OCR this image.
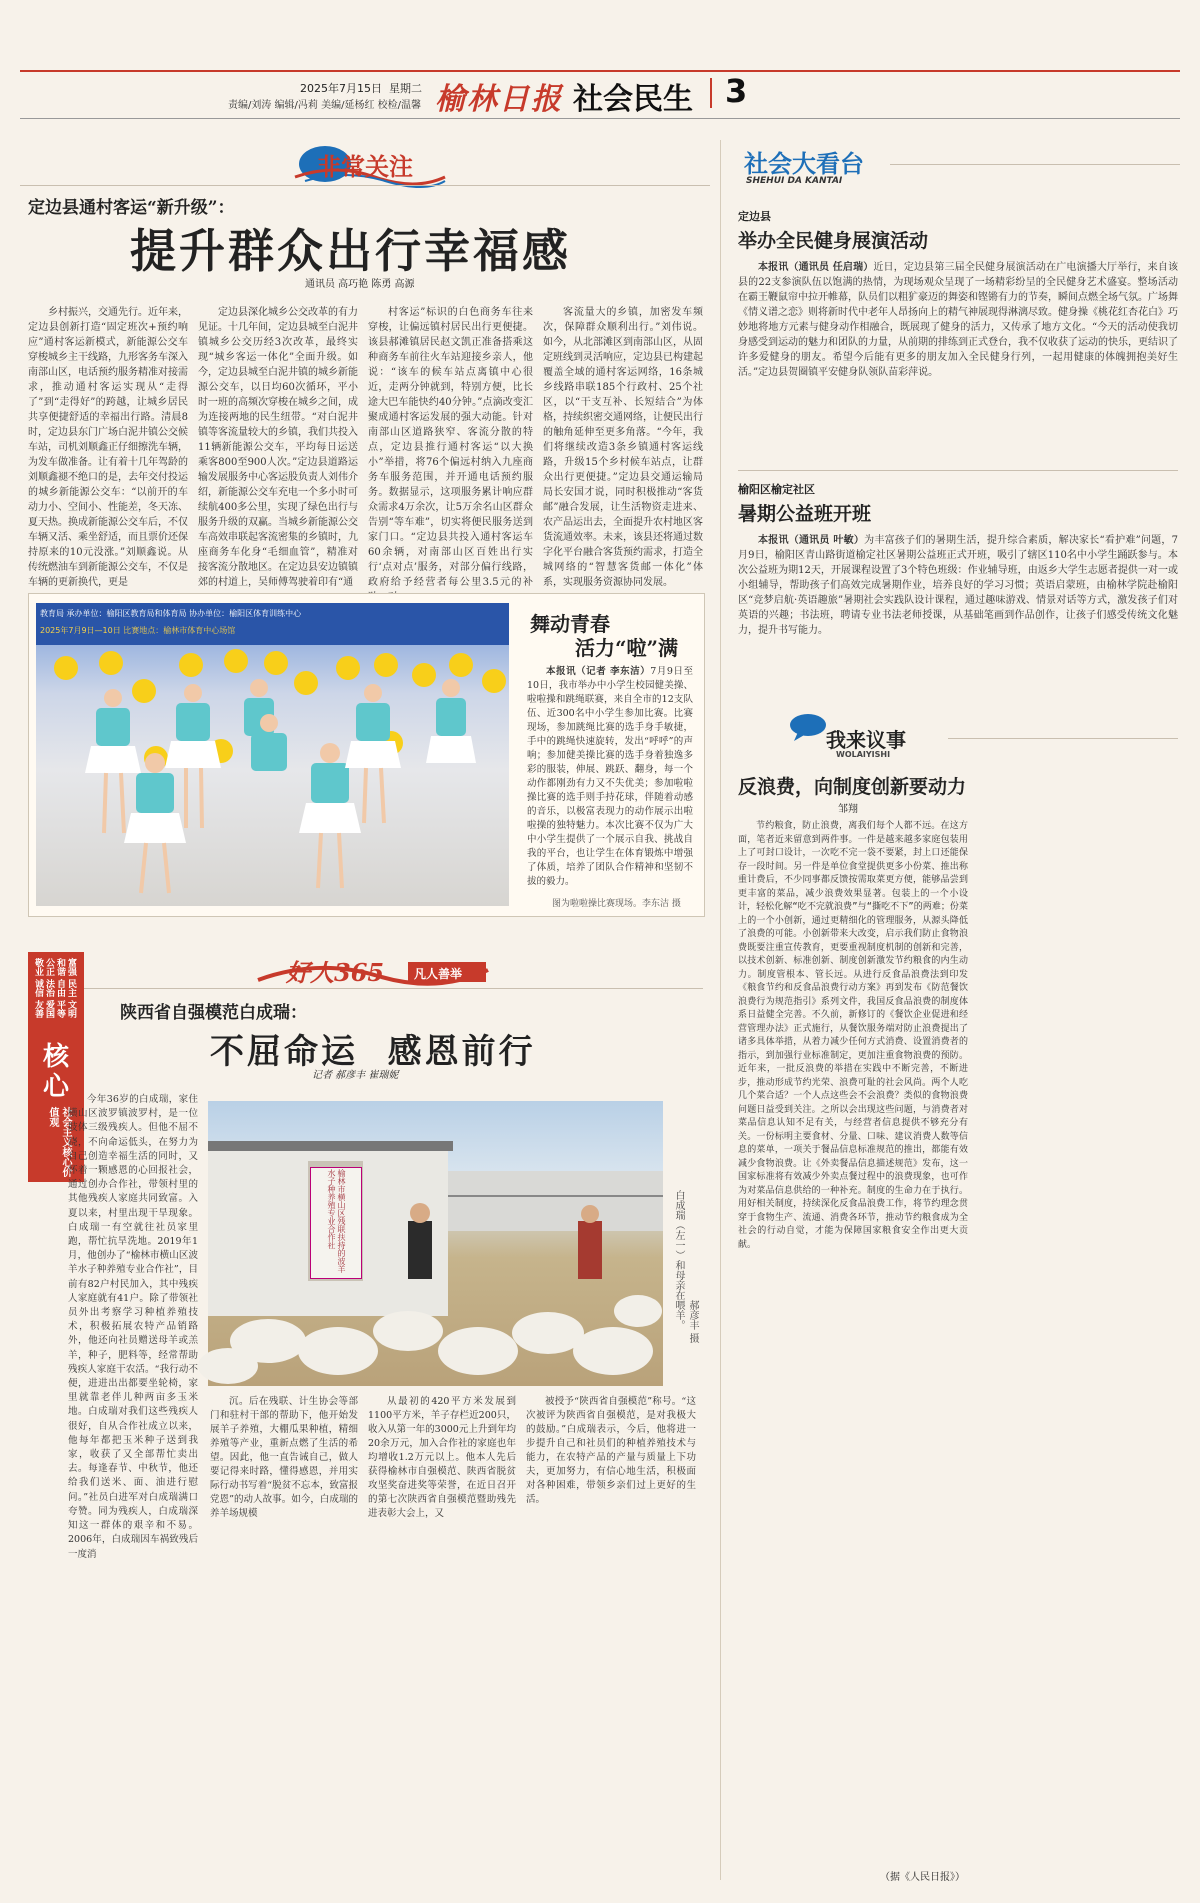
2025年7月15日 星期二
责编/刘涛 编辑/冯莉 美编/延杨红 校检/温馨 榆林日报 社会民生 3
非常关注
定边县通村客运“新升级”：
提升群众出行幸福感
通讯员 高巧艳 陈勇 高源

乡村振兴，交通先行。近年来，定边县创新打造“固定班次+预约响应”通村客运新模式，新能源公交车穿梭城乡主干线路，九形客务车深入南部山区，电话预约服务精准对接需求，推动通村客运实现从“走得了”到“走得好”的跨越，让城乡居民共享便捷舒适的幸福出行路。清晨8时，定边县东门广场白泥井镇公交候车站，司机刘顺鑫正仔细擦洗车辆，为发车做准备。让有着十几年驾龄的刘顺鑫褪不绝口的是，去年交付投运的城乡新能源公交车：“以前开的车动力小、空间小、性能差，冬天冻、夏天热。换成新能源公交车后，不仅车辆又活、乘坐舒适，而且票价还保持原来的10元没涨。”刘顺鑫说。从传统燃油车到新能源公交车，不仅是车辆的更新换代，更是

定边县深化城乡公交改革的有力见证。十几年间，定边县城至白泥井镇城乡公交历经3次改革，最终实现“城乡客运一体化”全面升级。如今，定边县城至白泥井镇的城乡新能源公交车，以日均60次循环，平小时一班的高频次穿梭在城乡之间，成为连接两地的民生纽带。“对白泥井镇等客流量较大的乡镇，我们共投入11辆新能源公交车，平均每日运送乘客800至900人次。”定边县道路运输发展服务中心客运股负责人刘伟介绍，新能源公交车充电一个多小时可续航400多公里，实现了绿色出行与服务升级的双赢。当城乡新能源公交车高效串联起客流密集的乡镇时，九座商务车化身“毛细血管”，精准对接客流分散地区。在定边县安边镇镇郊的村道上，吴师傅驾驶着印有“通

村客运”标识的白色商务车往来穿梭，让偏远镇村居民出行更便捷。该县郝滩镇居民赵文凯正准备搭乘这种商务车前往火车站迎接乡亲人，他说：“该车的候车站点离镇中心很近，走两分钟就到，特别方便，比长途大巴车能快约40分钟。”点滴改变汇聚成通村客运发展的强大动能。针对南部山区道路狭窄、客流分散的特点，定边县推行通村客运“以大换小”举措，将76个偏远村纳入九座商务车服务范围，并开通电话预约服务。数据显示，这项服务累计响应群众需求4万余次，让5万余名山区群众告别“等车难”，切实将便民服务送到家门口。“定边县共投入通村客运车60余辆，对南部山区百姓出行实行‘点对点’服务，对部分偏行线路，政府给予经营者每公里3.5元的补

客流量大的乡镇，加密发车频次，保障群众顺利出行。”刘伟说。如今，从北部滩区到南部山区，从固定班线到灵活响应，定边县已构建起覆盖全域的通村客运网络，16条城乡线路串联185个行政村、25个社区，以“干支互补、长短结合”为体格，持续织密交通网络，让便民出行的触角延伸至更多角落。“今年，我们将继续改造3条乡镇通村客运线路，升级15个乡村候车站点，让群众出行更便捷。”定边县交通运输局局长安国才说，同时积极推动“客货邮”融合发展，让生活物资走进来、农产品运出去，全面提升农村地区客货流通效率。未来，该县还将通过数字化平台融合客货预约需求，打造全城网络的“智慧客货邮一体化”体系，实现服务资源协同发展。

教育局 承办单位：榆阳区教育局和体育局 协办单位：榆阳区体育训练中心
2025年7月9日—10日 比赛地点：榆林市体育中心场馆	舞动青春
活力“啦”满

本报讯（记者 李东洁）7月9日至10日，我市举办中小学生校园健美操、啦啦操和跳绳联赛，来自全市的12支队伍、近300名中小学生参加比赛。比赛现场，参加跳绳比赛的选手身手敏捷，手中的跳绳快速旋转，发出“呼呼”的声响；参加健美操比赛的选手身着独逸多彩的服装，伸展、跳跃、翻身，每一个动作都刚劲有力又不失优美；参加啦啦操比赛的选手则手持花球，伴随着动感的音乐，以极富表现力的动作展示出啦啦操的独特魅力。本次比赛不仅为广大中小学生提供了一个展示自我、挑战自我的平台，也让学生在体育锻炼中增强了体质，培养了团队合作精神和坚韧不拔的毅力。

图为啦啦操比赛现场。李东洁 摄
好人365 凡人善举
富强 民主 文明 和谐 自由 平等 公正 法治 爱国 敬业 诚信 友善
核心
社会主义核心价值观
陕西省自强模范白成瑞：
不屈命运  感恩前行
记者 郝彦丰 崔瑞妮

今年36岁的白成瑞，家住横山区波罗镇波罗村，是一位肢体三级残疾人。但他不屈不挠，不向命运低头，在努力为自己创造幸福生活的同时，又怀着一颗感恩的心回报社会，通过创办合作社，带领村里的其他残疾人家庭共同致富。入夏以来，村里出现干旱现象。白成瑞一有空就往社员家里跑，帮忙抗旱洗地。2019年1月，他创办了“榆林市横山区波羊水子种养殖专业合作社”，目前有82户村民加入，其中残疾人家庭就有41户。除了带领社员外出考察学习种植养殖技术，积极拓展农特产品销路外，他还向社员赠送母羊或羔羊，种子，肥料等，经常帮助残疾人家庭干农活。“我行动不便，进进出出都要坐轮椅，家里就靠老伴儿种两亩多玉米地。白成瑞对我们这些残疾人很好，自从合作社成立以来，他每年都把玉米种子送到我家，收获了又全部帮忙卖出去。每逢春节、中秋节，他还给我们送米、面、油进行慰问。”社员白进军对白成瑞满口夸赞。同为残疾人，白成瑞深知这一群体的艰辛和不易。2006年，白成瑞因车祸致残后一度消

榆林市横山区残联扶持的波羊水子种养殖专业合作社	白成瑞（左一）和母亲在喂羊。 郝彦丰 摄

沉。后在残联、计生协会等部门和驻村干部的帮助下，他开始发展羊子养殖，大棚瓜果种植，精细养殖等产业，重新点燃了生活的希望。因此，他一直告诫自己，做人要记得来时路，懂得感恩，并用实际行动书写着“脱贫不忘本，致富报党恩”的动人故事。如今，白成瑞的养羊场规模

从最初的420平方米发展到1100平方米，羊子存栏近200只，收入从第一年的3000元上升到年均20余万元，加入合作社的家庭也年均增收1.2万元以上。他本人先后获得榆林市自强模范、陕西省脱贫攻坚奖奋进奖等荣誉，在近日召开的第七次陕西省自强模范暨助残先进表彰大会上，又

被授予“陕西省自强模范”称号。“这次被评为陕西省自强模范，是对我极大的鼓励。”白成瑞表示，今后，他将进一步提升自己和社员们的种植养殖技术与能力，在农特产品的产量与质量上下功夫，更加努力，有信心地生活，积极面对各种困难，带领乡亲们过上更好的生活。

社会大看台
SHEHUI DA KANTAI
定边县
举办全民健身展演活动

本报讯（通讯员 任启瑞）近日，定边县第三届全民健身展演活动在广电演播大厅举行，来自该县的22支参演队伍以饱满的热情，为现场观众呈现了一场精彩纷呈的全民健身艺术盛宴。整场活动在霸王鞭鼠帘中拉开帷幕，队员们以粗犷豪迈的舞姿和铿锵有力的节奏，瞬间点燃全场气氛。广场舞《情义谱之恋》则将新时代中老年人昂扬向上的精气神展现得淋漓尽致。健身操《桃花红杏花白》巧妙地将地方元素与健身动作相融合，既展现了健身的活力，又传承了地方文化。“今天的活动使我切身感受到运动的魅力和团队的力量，从前期的排练到正式登台，我不仅收获了运动的快乐，更结识了许多爱健身的朋友。希望今后能有更多的朋友加入全民健身行列，一起用健康的体魄拥抱美好生活。”定边县贺圈镇平安健身队领队苗彩萍说。

榆阳区榆定社区
暑期公益班开班

本报讯（通讯员 叶敏）为丰富孩子们的暑期生活，提升综合素质，解决家长“看护难”问题，7月9日，榆阳区青山路街道榆定社区暑期公益班正式开班，吸引了辖区110名中小学生踊跃参与。本次公益班为期12天，开展课程设置了3个特色班级：作业辅导班，由返乡大学生志愿者提供一对一或小组辅导，帮助孩子们高效完成暑期作业，培养良好的学习习惯；英语启蒙班，由榆林学院赴榆阳区“竞梦启航·英语趣旅”暑期社会实践队设计课程，通过趣味游戏、情景对话等方式，激发孩子们对英语的兴趣；书法班，聘请专业书法老师授课，从基础笔画到作品创作，让孩子们感受传统文化魅力，提升书写能力。

我来议事
WOLAIYISHI
反浪费，向制度创新要动力
邹翔

节约粮食，防止浪费，离我们每个人都不远。在这方面，笔者近来留意到两件事。一件是越来越多家庭包装用上了可封口设计，一次吃不完一袋不要紧，封上口还能保存一段时间。另一件是单位食堂提供更多小份菜、推出称重计费后，不少同事都反馈按需取菜更方便，能够品尝到更丰富的菜品，减少浪费效果显著。包装上的一个小设计，轻松化解“吃不完就浪费”与“撕吃不下”的两难；份菜上的一个小创新，通过更精细化的管理服务，从源头降低了浪费的可能。小创新带来大改变，启示我们防止食物浪费既要注重宣传教育，更要重视制度机制的创新和完善，以技术创新、标准创新、制度创新激发节约粮食的内生动力。制度管根本、管长远。从进行反食品浪费法到印发《粮食节约和反食品浪费行动方案》再到发布《防范餐饮浪费行为规范指引》系列文件，我国反食品浪费的制度体系日益健全完善。不久前，新修订的《餐饮企业促进和经营管理办法》正式施行，从餐饮服务端对防止浪费提出了诸多具体举措，从着力减少任何方式消费、设置消费者的指示，到加强行业标准制定，更加注重食物浪费的预防。近年来，一批反浪费的举措在实践中不断完善，不断进步，推动形成节约光荣、浪费可耻的社会风尚。两个人吃几个菜合适？一个人点这些会不会浪费？类似的食物浪费问题日益受到关注。之所以会出现这些问题，与消费者对菜品信息认知不足有关，与经营者信息提供不够充分有关。一份标明主要食材、分量、口味、建议消费人数等信息的菜单，一项关于餐品信息标准规范的推出，都能有效减少食物浪费。让《外卖餐品信息描述规范》发布，这一国家标准将有效减少外卖点餐过程中的浪费现象，也可作为对菜品信息供给的一种补充。制度的生命力在于执行。用好相关制度，持续深化反食品浪费工作，将节约理念贯穿于食物生产、流通、消费各环节，推动节约粮食成为全社会的行动自觉，才能为保障国家粮食安全作出更大贡献。

（据《人民日报》）
